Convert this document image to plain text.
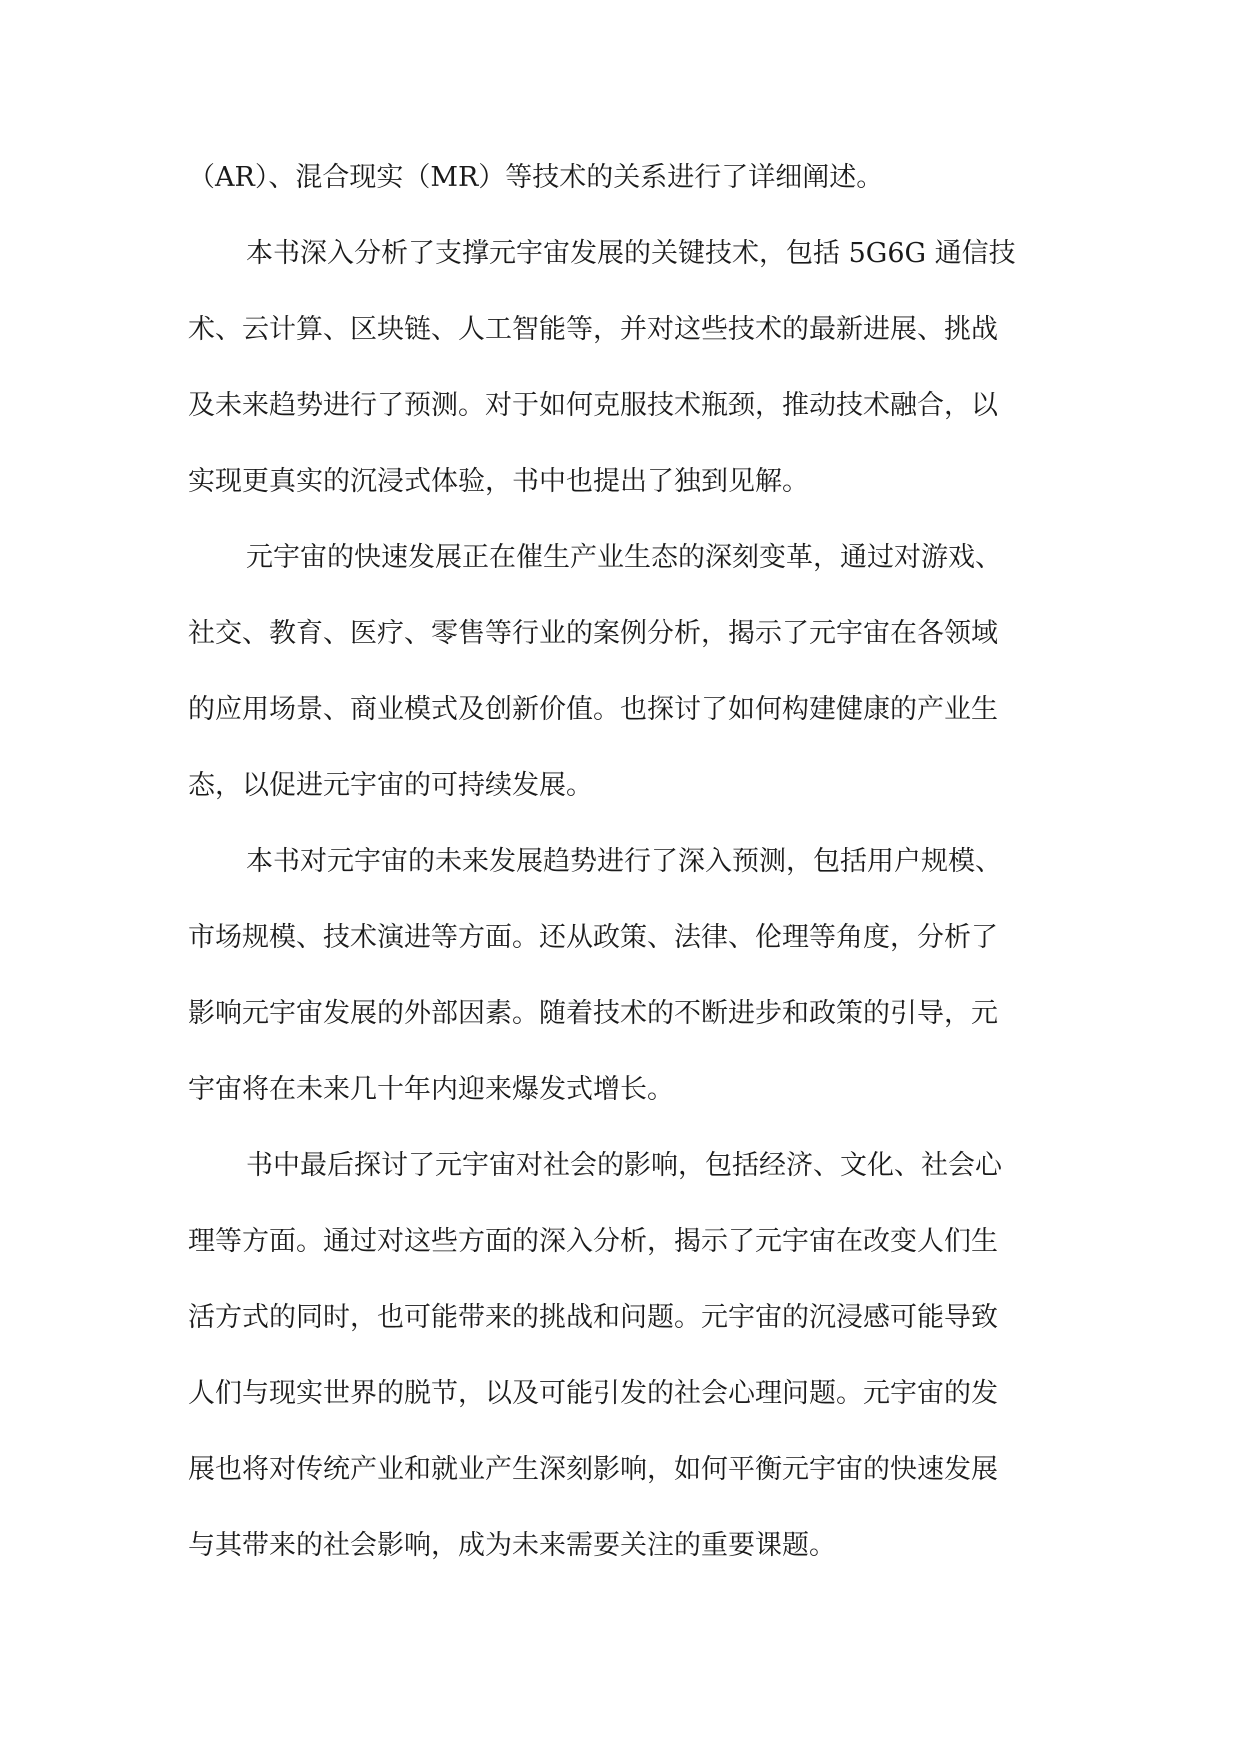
（AR）、混合现实（MR）等技术的关系进行了详细阐述。
本书深入分析了支撑元宇宙发展的关键技术，包括 5G6G 通信技
术、云计算、区块链、人工智能等，并对这些技术的最新进展、挑战
及未来趋势进行了预测。对于如何克服技术瓶颈，推动技术融合，以
实现更真实的沉浸式体验，书中也提出了独到见解。
元宇宙的快速发展正在催生产业生态的深刻变革，通过对游戏、
社交、教育、医疗、零售等行业的案例分析，揭示了元宇宙在各领域
的应用场景、商业模式及创新价值。也探讨了如何构建健康的产业生
态，以促进元宇宙的可持续发展。
本书对元宇宙的未来发展趋势进行了深入预测，包括用户规模、
市场规模、技术演进等方面。还从政策、法律、伦理等角度，分析了
影响元宇宙发展的外部因素。随着技术的不断进步和政策的引导，元
宇宙将在未来几十年内迎来爆发式增长。
书中最后探讨了元宇宙对社会的影响，包括经济、文化、社会心
理等方面。通过对这些方面的深入分析，揭示了元宇宙在改变人们生
活方式的同时，也可能带来的挑战和问题。元宇宙的沉浸感可能导致
人们与现实世界的脱节，以及可能引发的社会心理问题。元宇宙的发
展也将对传统产业和就业产生深刻影响，如何平衡元宇宙的快速发展
与其带来的社会影响，成为未来需要关注的重要课题。
